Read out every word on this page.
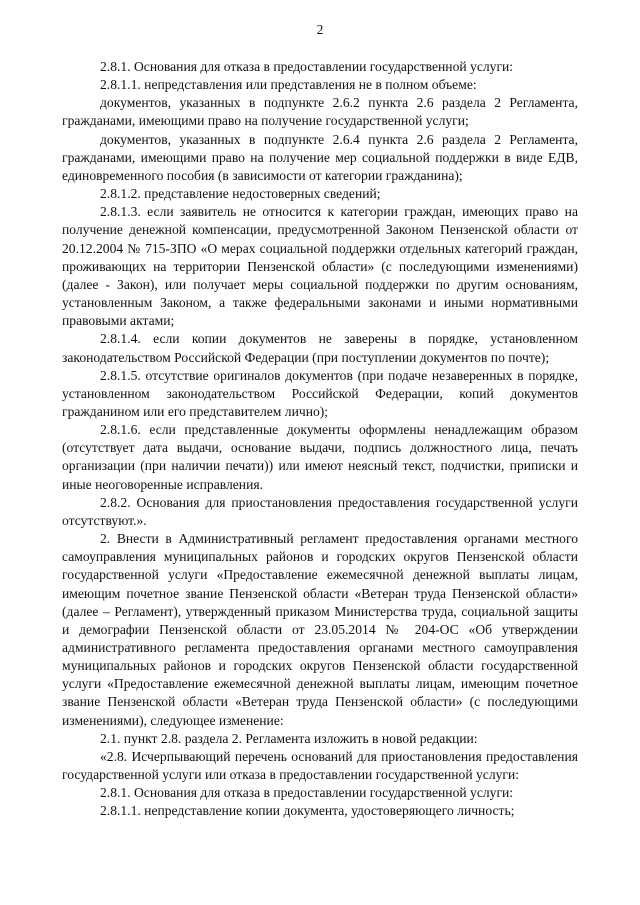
2

2.8.1. Основания для отказа в предоставлении государственной услуги:

2.8.1.1. непредставления или представления не в полном объеме:

документов, указанных в подпункте 2.6.2 пункта 2.6 раздела 2 Регламента, гражданами, имеющими право на получение государственной услуги;

документов, указанных в подпункте 2.6.4 пункта 2.6 раздела 2 Регламента, гражданами, имеющими право на получение мер социальной поддержки в виде ЕДВ, единовременного пособия (в зависимости от категории гражданина);

2.8.1.2. представление недостоверных сведений;

2.8.1.3. если заявитель не относится к категории граждан, имеющих право на получение денежной компенсации, предусмотренной Законом Пензенской области от 20.12.2004 № 715-ЗПО «О мерах социальной поддержки отдельных категорий граждан, проживающих на территории Пензенской области» (с последующими изменениями) (далее - Закон), или получает меры социальной поддержки по другим основаниям, установленным Законом, а также федеральными законами и иными нормативными правовыми актами;

2.8.1.4. если копии документов не заверены в порядке, установленном законодательством Российской Федерации (при поступлении документов по почте);

2.8.1.5. отсутствие оригиналов документов (при подаче незаверенных в порядке, установленном законодательством Российской Федерации, копий документов гражданином или его представителем лично);

2.8.1.6. если представленные документы оформлены ненадлежащим образом (отсутствует дата выдачи, основание выдачи, подпись должностного лица, печать организации (при наличии печати)) или имеют неясный текст, подчистки, приписки и иные неоговоренные исправления.

2.8.2. Основания для приостановления предоставления государственной услуги отсутствуют.».

2. Внести в Административный регламент предоставления органами местного самоуправления муниципальных районов и городских округов Пензенской области государственной услуги «Предоставление ежемесячной денежной выплаты лицам, имеющим почетное звание Пензенской области «Ветеран труда Пензенской области» (далее – Регламент), утвержденный приказом Министерства труда, социальной защиты и демографии Пензенской области от 23.05.2014 № 204-ОС «Об утверждении административного регламента предоставления органами местного самоуправления муниципальных районов и городских округов Пензенской области государственной услуги «Предоставление ежемесячной денежной выплаты лицам, имеющим почетное звание Пензенской области «Ветеран труда Пензенской области» (с последующими изменениями), следующее изменение:

2.1. пункт 2.8. раздела 2. Регламента изложить в новой редакции:

«2.8. Исчерпывающий перечень оснований для приостановления предоставления государственной услуги или отказа в предоставлении государственной услуги:

2.8.1. Основания для отказа в предоставлении государственной услуги:

2.8.1.1. непредставление копии документа, удостоверяющего личность;
